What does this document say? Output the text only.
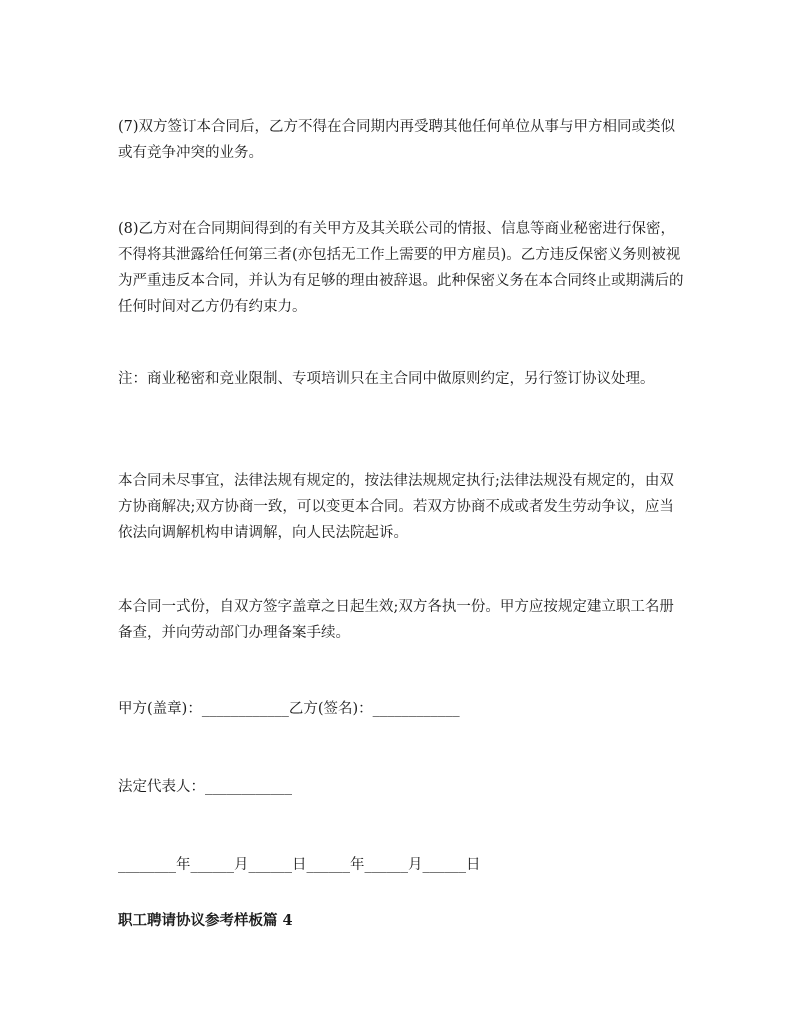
(7)双方签订本合同后，乙方不得在合同期内再受聘其他任何单位从事与甲方相同或类似或有竞争冲突的业务。

(8)乙方对在合同期间得到的有关甲方及其关联公司的情报、信息等商业秘密进行保密，不得将其泄露给任何第三者(亦包括无工作上需要的甲方雇员)。乙方违反保密义务则被视为严重违反本合同，并认为有足够的理由被辞退。此种保密义务在本合同终止或期满后的任何时间对乙方仍有约束力。

注：商业秘密和竞业限制、专项培训只在主合同中做原则约定，另行签订协议处理。

本合同未尽事宜，法律法规有规定的，按法律法规规定执行;法律法规没有规定的，由双方协商解决;双方协商一致，可以变更本合同。若双方协商不成或者发生劳动争议，应当依法向调解机构申请调解，向人民法院起诉。

本合同一式份，自双方签字盖章之日起生效;双方各执一份。甲方应按规定建立职工名册备查，并向劳动部门办理备案手续。

甲方(盖章)：____________乙方(签名)：____________

法定代表人：____________

________年______月______日______年______月______日

职工聘请协议参考样板篇 4
